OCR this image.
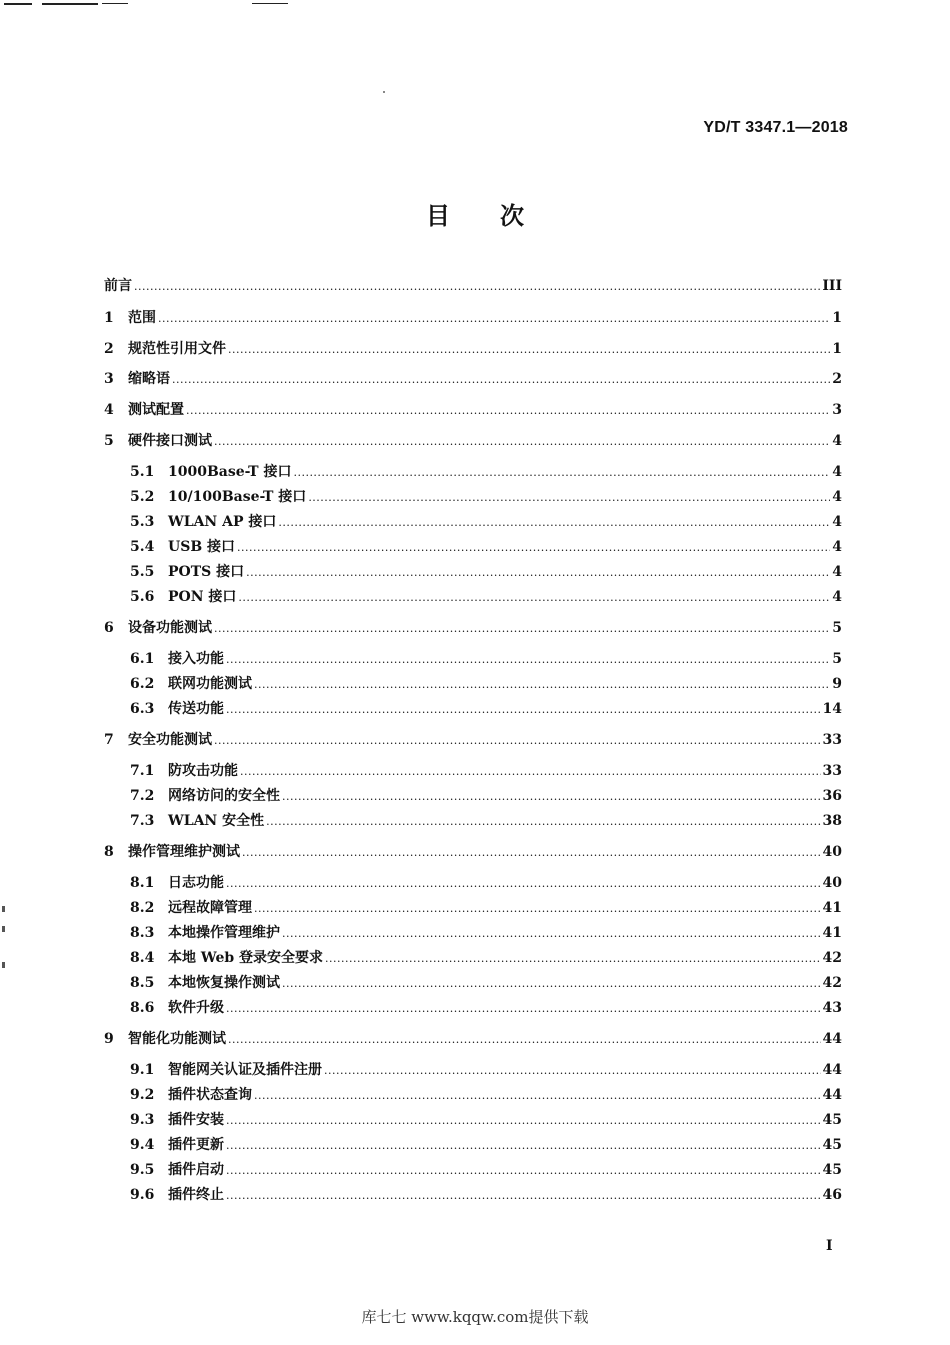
YD/T 3347.1—2018
目 次
前言 .....	III
1	范围 .....	1
2	规范性引用文件 .....	1
3	缩略语 .....	2
4	测试配置 .....	3
5	硬件接口测试 .....	4
5.1 1000Base-T 接口 .....	4
5.2 10/100Base-T 接口 .....	4
5.3 WLAN AP 接口 .....	4
5.4 USB 接口 .....	4
5.5 POTS 接口 .....	4
5.6 PON 接口 .....	4
6	设备功能测试 .....	5
6.1 接入功能 .....	5
6.2 联网功能测试 .....	9
6.3 传送功能 .....	14
7	安全功能测试 .....	33
7.1 防攻击功能 .....	33
7.2 网络访问的安全性 .....	36
7.3 WLAN 安全性 .....	38
8	操作管理维护测试 .....	40
8.1 日志功能 .....	40
8.2 远程故障管理 .....	41
8.3 本地操作管理维护 .....	41
8.4 本地 Web 登录安全要求 .....	42
8.5 本地恢复操作测试 .....	42
8.6 软件升级 .....	43
9	智能化功能测试 .....	44
9.1 智能网关认证及插件注册 .....	44
9.2 插件状态查询 .....	44
9.3 插件安装 .....	45
9.4 插件更新 .....	45
9.5 插件启动 .....	45
9.6 插件终止 .....	46
I
库七七 www.kqqw.com提供下载
